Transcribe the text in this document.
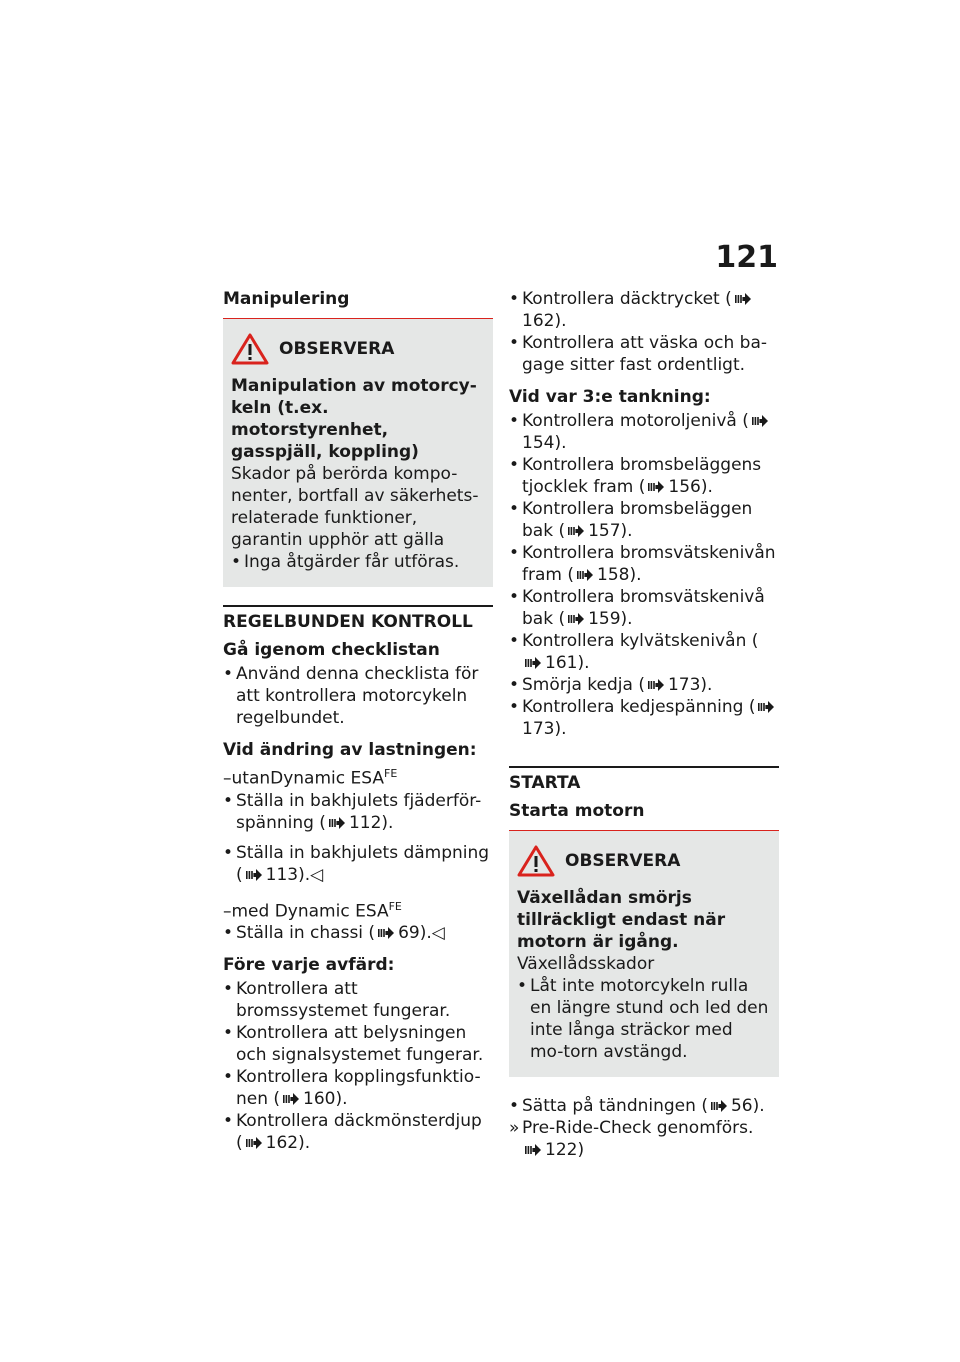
121
Manipulering
OBSERVERA
Manipulation av motorcy-keln (t.ex. motorstyrenhet, gasspjäll, koppling)
Skador på berörda kompo-nenter, bortfall av säkerhets-relaterade funktioner, garantin upphör att gälla
• Inga åtgärder får utföras.
REGELBUNDEN KONTROLL
Gå igenom checklistan
• Använd denna checklista för att kontrollera motorcykeln regelbundet.
Vid ändring av lastningen:
–utanDynamic $ESA^{FE}$
• Ställa in bakhjulets fjäderför-spänning ( 112).
• Ställa in bakhjulets dämpning ( 113).◁
–med Dynamic $ESA^{FE}$
• Ställa in chassi ( 69).◁
Före varje avfärd:
• Kontrollera att bromssystemet fungerar.
• Kontrollera att belysningen och signalsystemet fungerar.
• Kontrollera kopplingsfunktio-nen ( 160).
• Kontrollera däckmönsterdjup ( 162).
• Kontrollera däcktrycket (162).
• Kontrollera att väska och ba-gage sitter fast ordentligt.
Vid var 3:e tankning:
• Kontrollera motoroljenivå (154).
• Kontrollera bromsbeläggens tjocklek fram ( 156).
• Kontrollera bromsbeläggen bak ( 157).
• Kontrollera bromsvätskenivån fram ( 158).
• Kontrollera bromsvätskenivå bak ( 159).
• Kontrollera kylvätskenivån (161).
• Smörja kedja ( 173).
• Kontrollera kedjespänning (173).
STARTA
Starta motorn
OBSERVERA
Växellådan smörjs tillräckligt endast när motorn är igång.
Växellådsskador
• Låt inte motorcykeln rulla en längre stund och led den inte långa sträckor med mo-torn avstängd.
• Sätta på tändningen ( 56).
» Pre-Ride-Check genomförs.
122)
